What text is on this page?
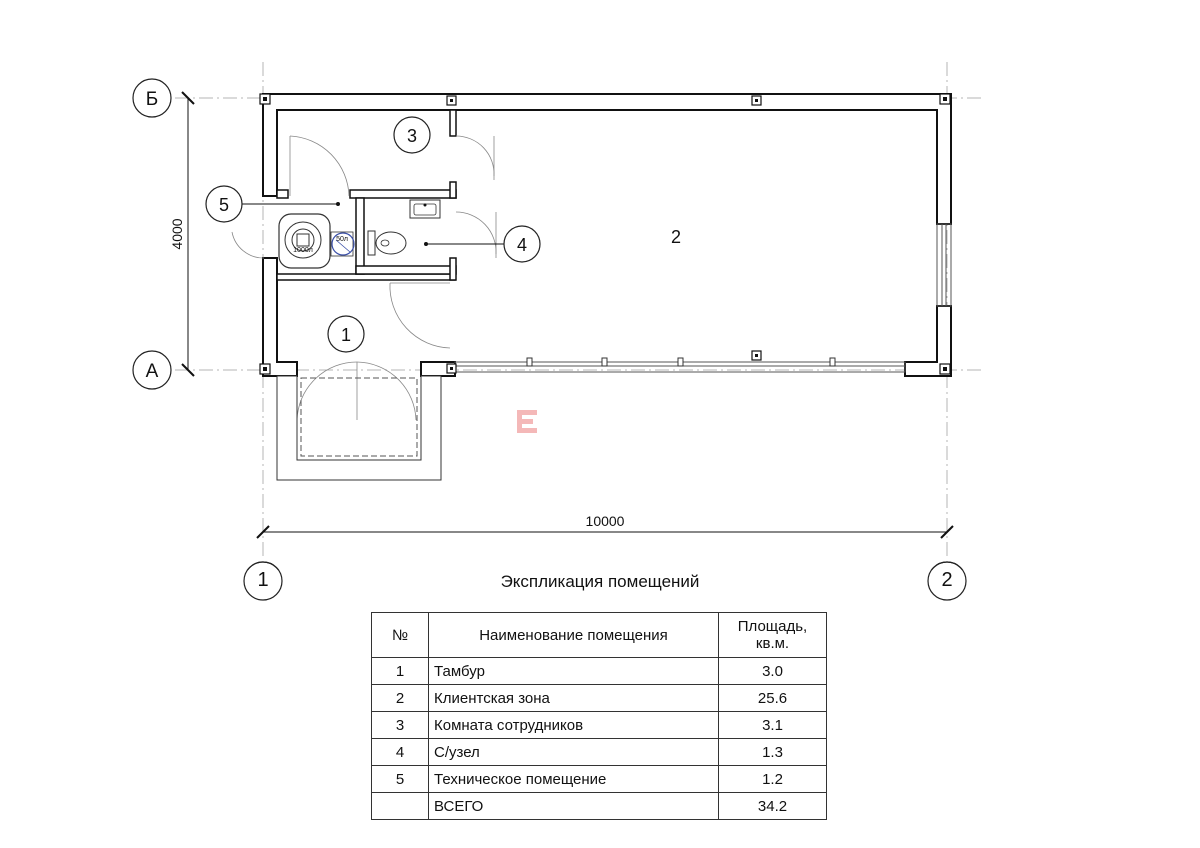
4000
10000
Б
А
1000л
50л
1
2
3
4
5
1	2
Экспликация помещений
№	Наименование помещения	Площадь,
кв.м.
1	Тамбур	3.0
2	Клиентская зона	25.6
3	Комната сотрудников	3.1
4	С/узел	1.3
5	Техническое помещение	1.2
	ВСЕГО	34.2
